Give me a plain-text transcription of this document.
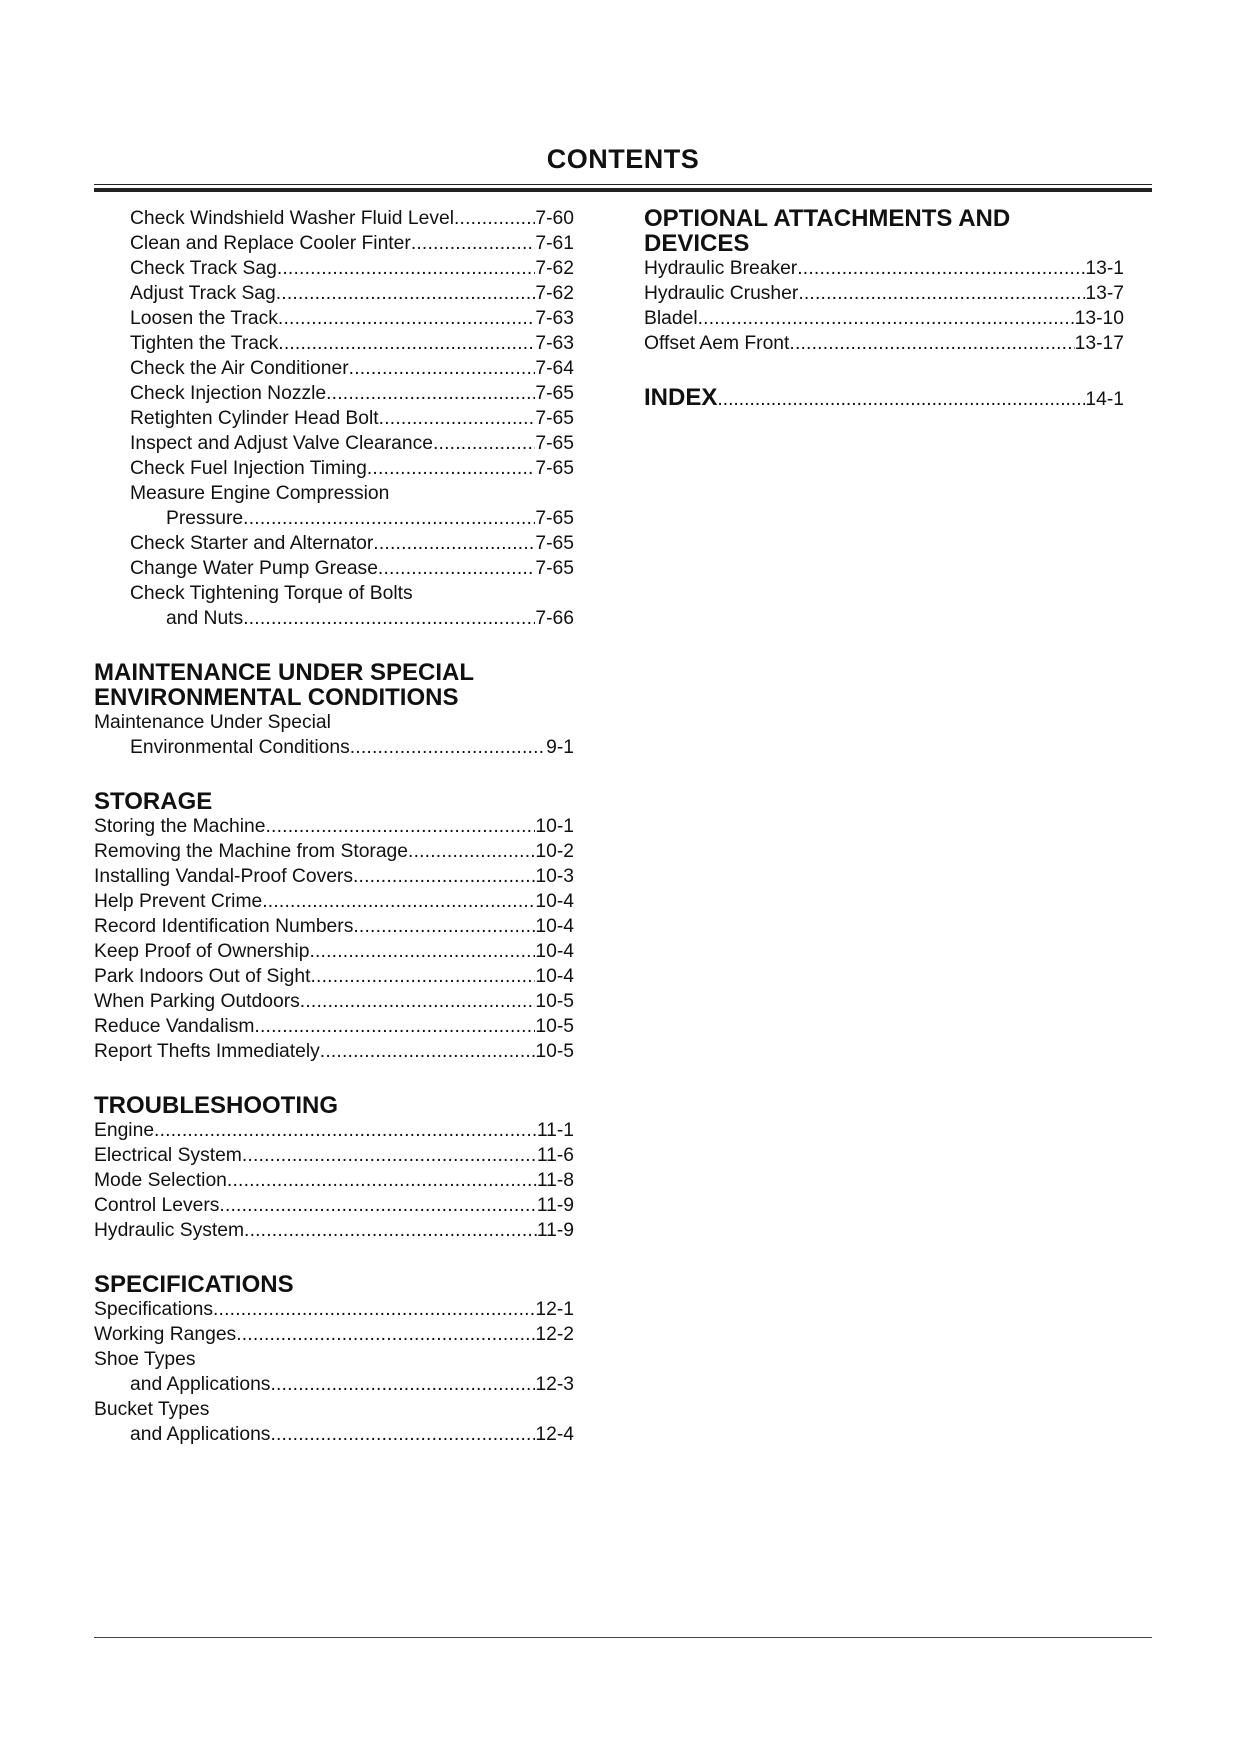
CONTENTS
Check Windshield Washer Fluid Level .....	7-60
Clean and Replace Cooler Finter .....	7-61
Check Track Sag .....	7-62
Adjust Track Sag .....	7-62
Loosen the Track .....	7-63
Tighten the Track .....	7-63
Check the Air Conditioner .....	7-64
Check Injection Nozzle .....	7-65
Retighten Cylinder Head Bolt .....	7-65
Inspect and Adjust Valve Clearance .....	7-65
Check Fuel Injection Timing .....	7-65
Measure Engine Compression
Pressure .....	7-65
Check Starter and Alternator .....	7-65
Change Water Pump Grease .....	7-65
Check Tightening Torque of Bolts
and Nuts .....	7-66
MAINTENANCE UNDER SPECIAL
ENVIRONMENTAL CONDITIONS
Maintenance Under Special
Environmental Conditions .....	9-1
STORAGE
Storing the Machine .....	10-1
Removing the Machine from Storage .....	10-2
Installing Vandal-Proof Covers .....	10-3
Help Prevent Crime .....	10-4
Record Identification Numbers .....	10-4
Keep Proof of Ownership .....	10-4
Park Indoors Out of Sight .....	10-4
When Parking Outdoors .....	10-5
Reduce Vandalism .....	10-5
Report Thefts Immediately .....	10-5
TROUBLESHOOTING
Engine .....	11-1
Electrical System .....	11-6
Mode Selection .....	11-8
Control Levers .....	11-9
Hydraulic System .....	11-9
SPECIFICATIONS
Specifications .....	12-1
Working Ranges .....	12-2
Shoe Types
and Applications .....	12-3
Bucket Types
and Applications .....	12-4
OPTIONAL ATTACHMENTS AND
DEVICES
Hydraulic Breaker .....	13-1
Hydraulic Crusher .....	13-7
Bladel .....	13-10
Offset Aem Front .....	13-17
INDEX .....	14-1
